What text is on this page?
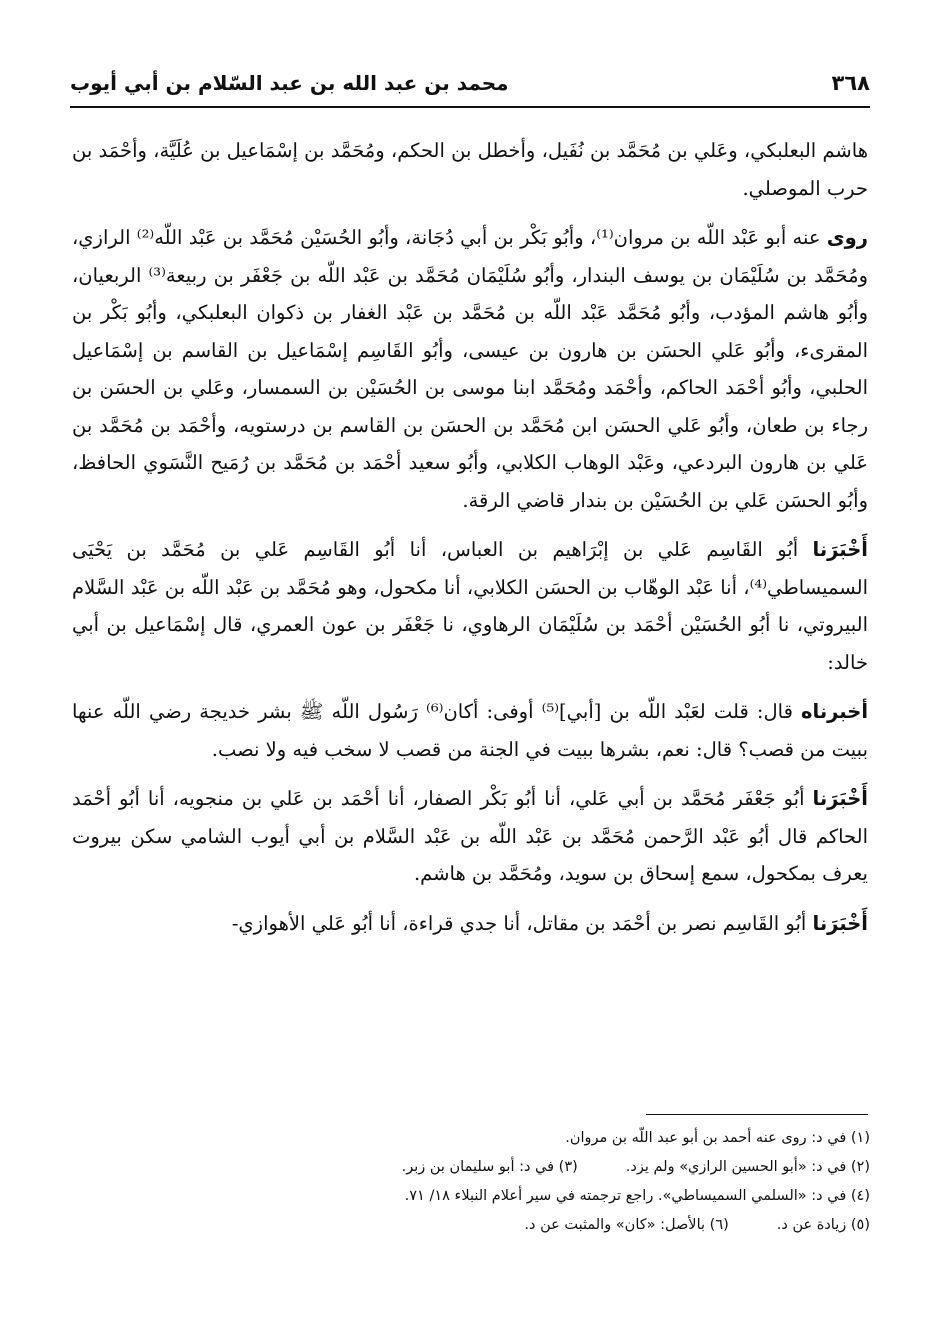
٣٦٨
محمد بن عبد الله بن عبد السّلام بن أبي أيوب

هاشم البعلبكي، وعَلي بن مُحَمَّد بن نُفَيل، وأخطل بن الحكم، ومُحَمَّد بن إسْمَاعيل بن عُلَيَّة، وأحْمَد بن حرب الموصلي.

روى عنه أبو عَبْد اللّه بن مروان⁽¹⁾، وأبُو بَكْر بن أبي دُجَانة، وأبُو الحُسَيْن مُحَمَّد بن عَبْد اللّه⁽²⁾ الرازي، ومُحَمَّد بن سُلَيْمَان بن يوسف البندار، وأبُو سُلَيْمَان مُحَمَّد بن عَبْد اللّه بن جَعْفَر بن ربيعة⁽³⁾ الربعيان، وأبُو هاشم المؤدب، وأبُو مُحَمَّد عَبْد اللّه بن مُحَمَّد بن عَبْد الغفار بن ذكوان البعلبكي، وأبُو بَكْر بن المقرىء، وأبُو عَلي الحسَن بن هارون بن عيسى، وأبُو القَاسِم إسْمَاعيل بن القاسم بن إسْمَاعيل الحلبي، وأبُو أحْمَد الحاكم، وأحْمَد ومُحَمَّد ابنا موسى بن الحُسَيْن بن السمسار، وعَلي بن الحسَن بن رجاء بن طعان، وأبُو عَلي الحسَن ابن مُحَمَّد بن الحسَن بن القاسم بن درستويه، وأحْمَد بن مُحَمَّد بن عَلي بن هارون البردعي، وعَبْد الوهاب الكلابي، وأبُو سعيد أحْمَد بن مُحَمَّد بن رُمَيح النَّسَوي الحافظ، وأبُو الحسَن عَلي بن الحُسَيْن بن بندار قاضي الرقة.

أَخْبَرَنا أبُو القَاسِم عَلي بن إبْرَاهيم بن العباس، أنا أبُو القَاسِم عَلي بن مُحَمَّد بن يَحْيَى السميساطي⁽⁴⁾، أنا عَبْد الوهّاب بن الحسَن الكلابي، أنا مكحول، وهو مُحَمَّد بن عَبْد اللّه بن عَبْد السَّلام البيروتي، نا أبُو الحُسَيْن أحْمَد بن سُلَيْمَان الرهاوي، نا جَعْفَر بن عون العمري، قال إسْمَاعيل بن أبي خالد:

أخبرناه قال: قلت لعَبْد اللّه بن [أبي]⁽⁵⁾ أوفى: أكان⁽⁶⁾ رَسُول اللّه ﷺ بشر خديجة رضي اللّه عنها ببيت من قصب؟ قال: نعم، بشرها ببيت في الجنة من قصب لا سخب فيه ولا نصب.

أَخْبَرَنا أبُو جَعْفَر مُحَمَّد بن أبي عَلي، أنا أبُو بَكْر الصفار، أنا أحْمَد بن عَلي بن منجويه، أنا أبُو أحْمَد الحاكم قال أبُو عَبْد الرَّحمن مُحَمَّد بن عَبْد اللّه بن عَبْد السَّلام بن أبي أيوب الشامي سكن بيروت يعرف بمكحول، سمع إسحاق بن سويد، ومُحَمَّد بن هاشم.

أَخْبَرَنا أبُو القَاسِم نصر بن أحْمَد بن مقاتل، أنا جدي قراءة، أنا أبُو عَلي الأهوازي-

(١) في د: روى عنه أحمد بن أبو عبد اللّه بن مروان.
(٢) في د: «أبو الحسين الرازي» ولم يزد.
(٣) في د: أبو سليمان بن زبر.
(٤) في د: «السلمي السميساطي». راجع ترجمته في سير أعلام النبلاء ١٨/ ٧١.
(٥) زيادة عن د.
(٦) بالأصل: «كان» والمثبت عن د.
